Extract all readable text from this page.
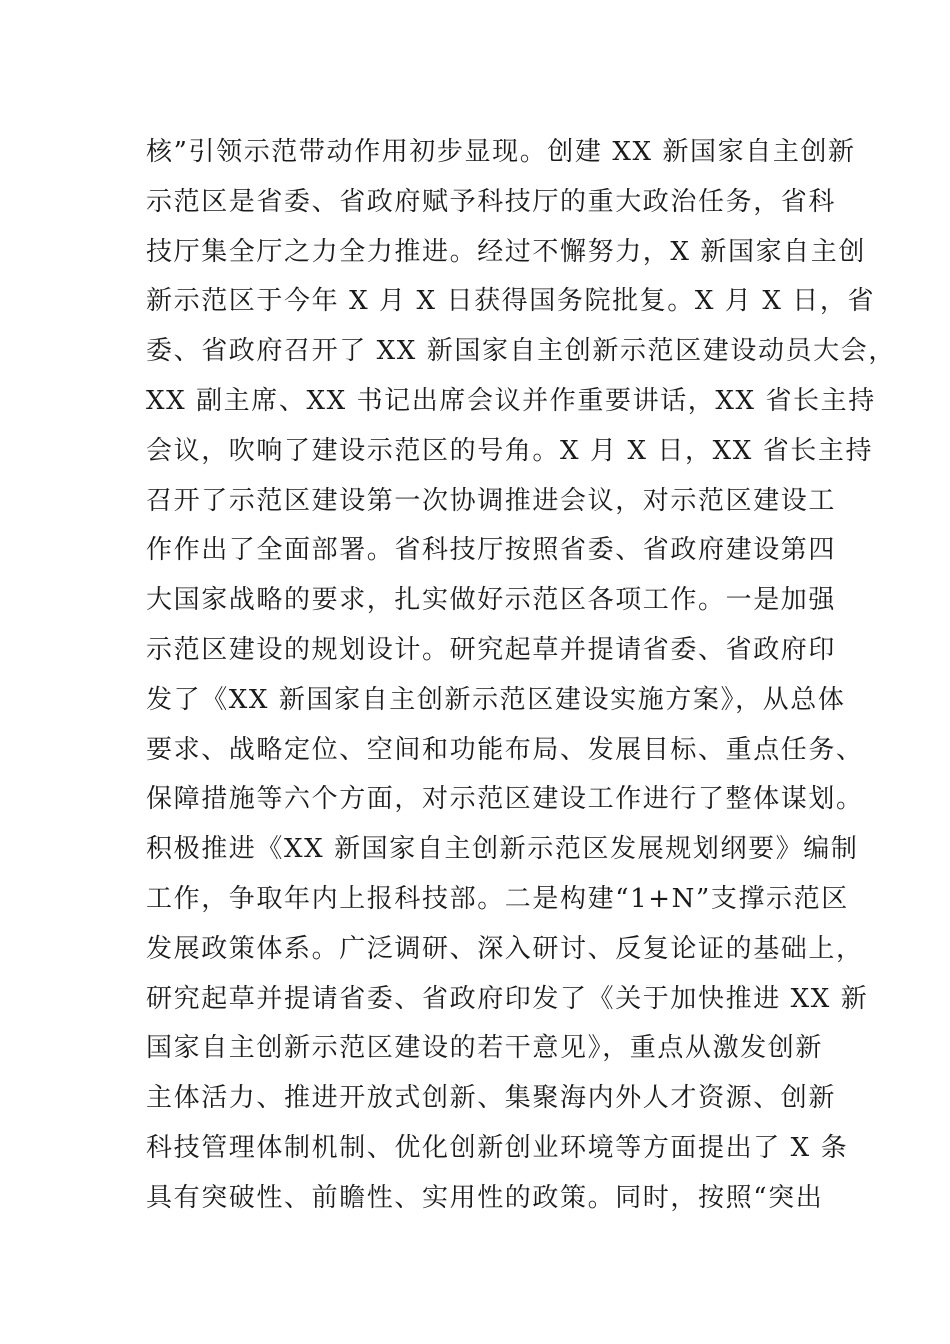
核”引领示范带动作用初步显现。创建 XX 新国家自主创新
示范区是省委、省政府赋予科技厅的重大政治任务，省科
技厅集全厅之力全力推进。经过不懈努力，X 新国家自主创
新示范区于今年 X 月 X 日获得国务院批复。X 月 X 日，省
委、省政府召开了 XX 新国家自主创新示范区建设动员大会，
XX 副主席、XX 书记出席会议并作重要讲话，XX 省长主持
会议，吹响了建设示范区的号角。X 月 X 日，XX 省长主持
召开了示范区建设第一次协调推进会议，对示范区建设工
作作出了全面部署。省科技厅按照省委、省政府建设第四
大国家战略的要求，扎实做好示范区各项工作。一是加强
示范区建设的规划设计。研究起草并提请省委、省政府印
发了《XX 新国家自主创新示范区建设实施方案》，从总体
要求、战略定位、空间和功能布局、发展目标、重点任务、
保障措施等六个方面，对示范区建设工作进行了整体谋划。
积极推进《XX 新国家自主创新示范区发展规划纲要》编制
工作，争取年内上报科技部。二是构建“1+N”支撑示范区
发展政策体系。广泛调研、深入研讨、反复论证的基础上，
研究起草并提请省委、省政府印发了《关于加快推进 XX 新
国家自主创新示范区建设的若干意见》，重点从激发创新
主体活力、推进开放式创新、集聚海内外人才资源、创新
科技管理体制机制、优化创新创业环境等方面提出了 X 条
具有突破性、前瞻性、实用性的政策。同时，按照“突出
